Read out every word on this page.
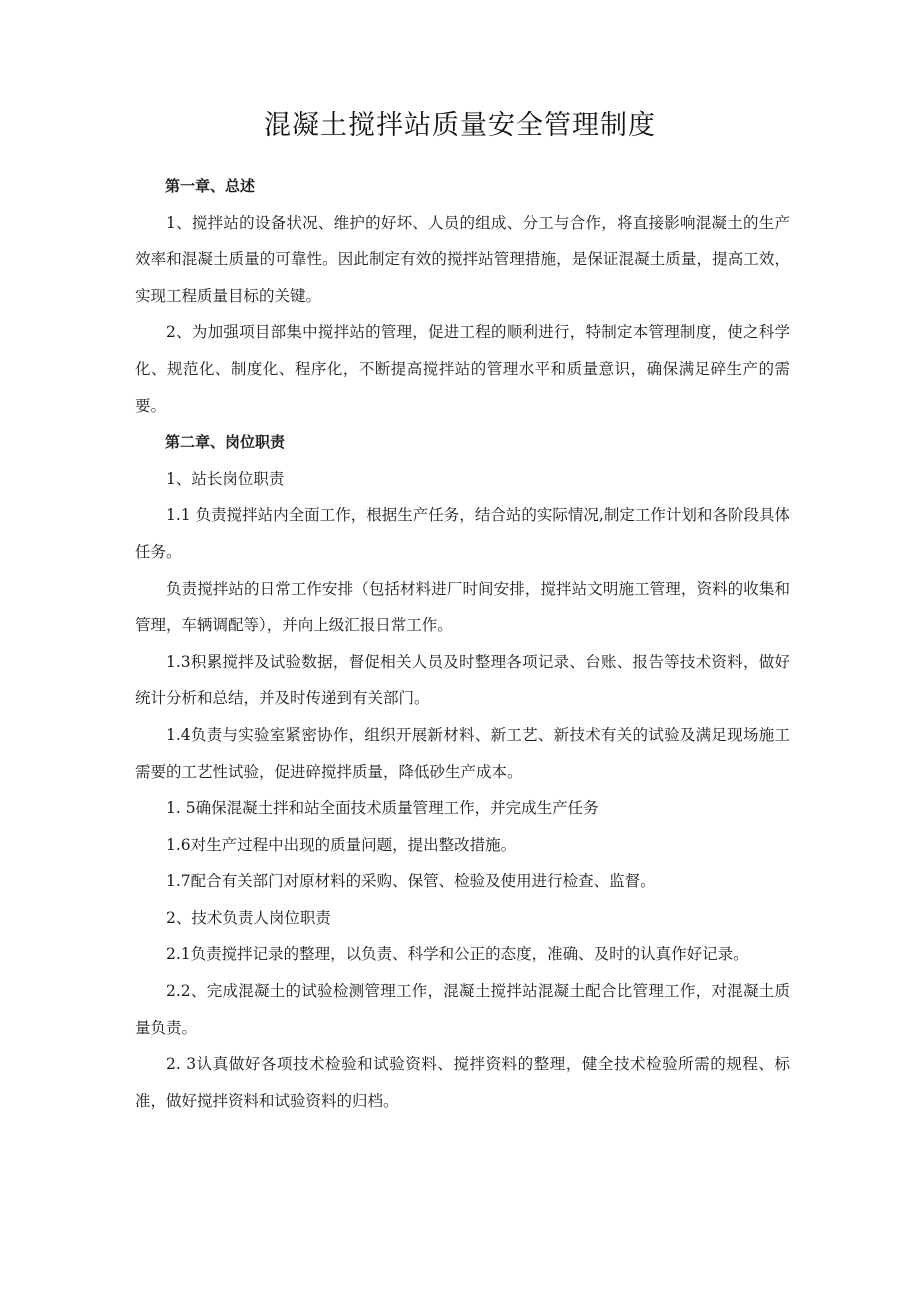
混凝土搅拌站质量安全管理制度

第一章、总述

1、搅拌站的设备状况、维护的好坏、人员的组成、分工与合作，将直接影响混凝土的生产效率和混凝土质量的可靠性。因此制定有效的搅拌站管理措施，是保证混凝土质量，提高工效，实现工程质量目标的关键。

2、为加强项目部集中搅拌站的管理，促进工程的顺利进行，特制定本管理制度，使之科学化、规范化、制度化、程序化，不断提高搅拌站的管理水平和质量意识，确保满足碎生产的需要。

第二章、岗位职责

1、站长岗位职责

1.1 负责搅拌站内全面工作，根据生产任务，结合站的实际情况,制定工作计划和各阶段具体任务。

负责搅拌站的日常工作安排（包括材料进厂时间安排，搅拌站文明施工管理，资料的收集和管理，车辆调配等），并向上级汇报日常工作。

1.3积累搅拌及试验数据，督促相关人员及时整理各项记录、台账、报告等技术资料，做好统计分析和总结，并及时传递到有关部门。

1.4负责与实验室紧密协作，组织开展新材料、新工艺、新技术有关的试验及满足现场施工需要的工艺性试验，促进碎搅拌质量，降低砂生产成本。

1. 5确保混凝土拌和站全面技术质量管理工作，并完成生产任务

1.6对生产过程中出现的质量问题，提出整改措施。

1.7配合有关部门对原材料的采购、保管、检验及使用进行检查、监督。

2、技术负责人岗位职责

2.1负责搅拌记录的整理，以负责、科学和公正的态度，准确、及时的认真作好记录。

2.2、完成混凝土的试验检测管理工作，混凝土搅拌站混凝土配合比管理工作，对混凝土质量负责。

2. 3认真做好各项技术检验和试验资料、搅拌资料的整理，健全技术检验所需的规程、标准，做好搅拌资料和试验资料的归档。
